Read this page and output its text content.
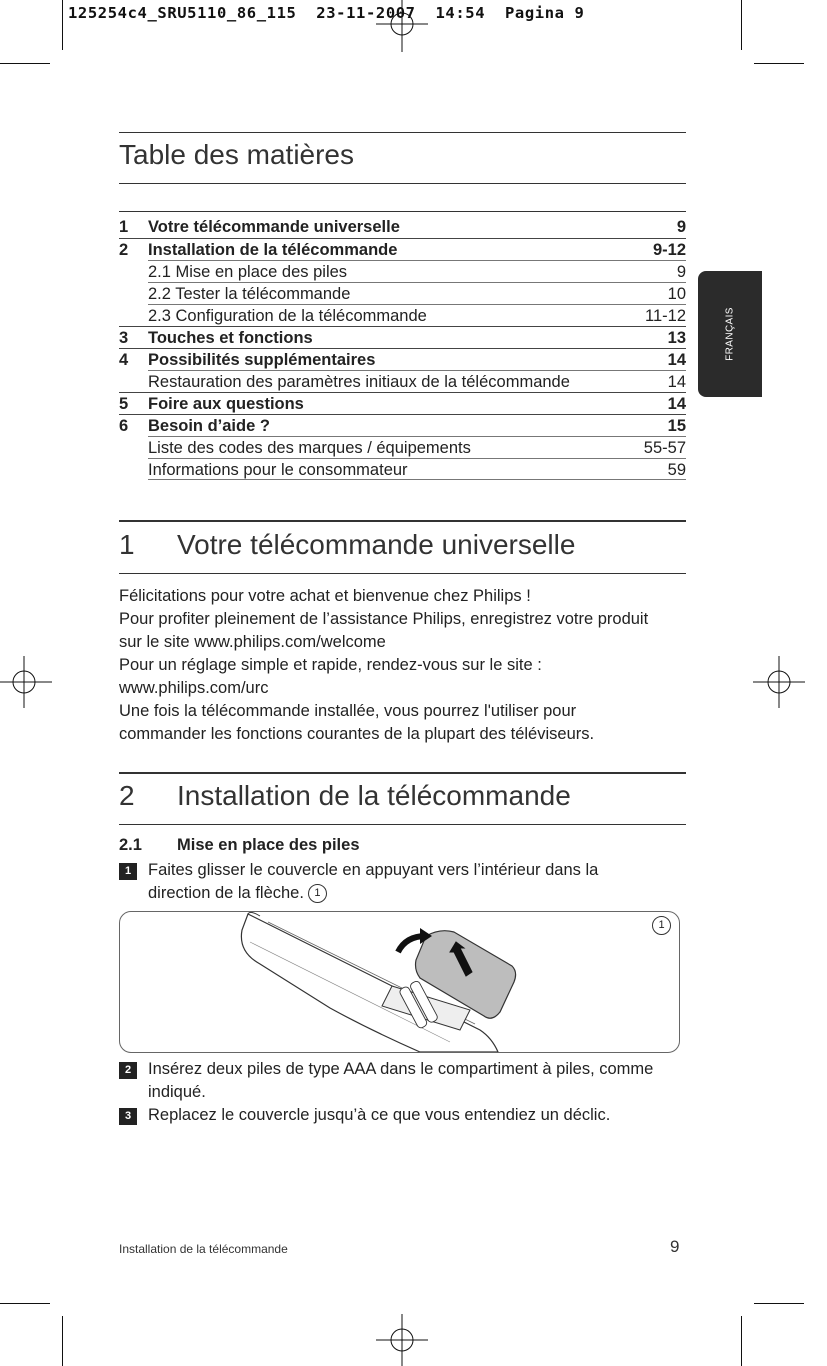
125254c4_SRU5110_86_115  23-11-2007  14:54  Pagina 9
FRANÇAIS
Table des matières
1 Votre télécommande universelle	9
2 Installation de la télécommande	9-12
2.1 Mise en place des piles	9
2.2 Tester la télécommande	10
2.3 Configuration de la télécommande	11-12
3 Touches et fonctions	13
4 Possibilités supplémentaires	14
Restauration des paramètres initiaux de la télécommande	14
5 Foire aux questions	14
6 Besoin d’aide ?	15
Liste des codes des marques / équipements	55-57
Informations pour le consommateur	59
1 Votre télécommande universelle
Félicitations pour votre achat et bienvenue chez Philips !
Pour profiter pleinement de l’assistance Philips, enregistrez votre produit
sur le site www.philips.com/welcome
Pour un réglage simple et rapide, rendez-vous sur le site :
www.philips.com/urc
Une fois la télécommande installée, vous pourrez l'utiliser pour
commander les fonctions courantes de la plupart des téléviseurs.
2 Installation de la télécommande
2.1 Mise en place des piles
1	Faites glisser le couvercle en appuyant vers l’intérieur dans la
direction de la flèche. 1
1
2	Insérez deux piles de type AAA dans le compartiment à piles, comme
indiqué.
3	Replacez le couvercle jusqu’à ce que vous entendiez un déclic.
Installation de la télécommande	9
